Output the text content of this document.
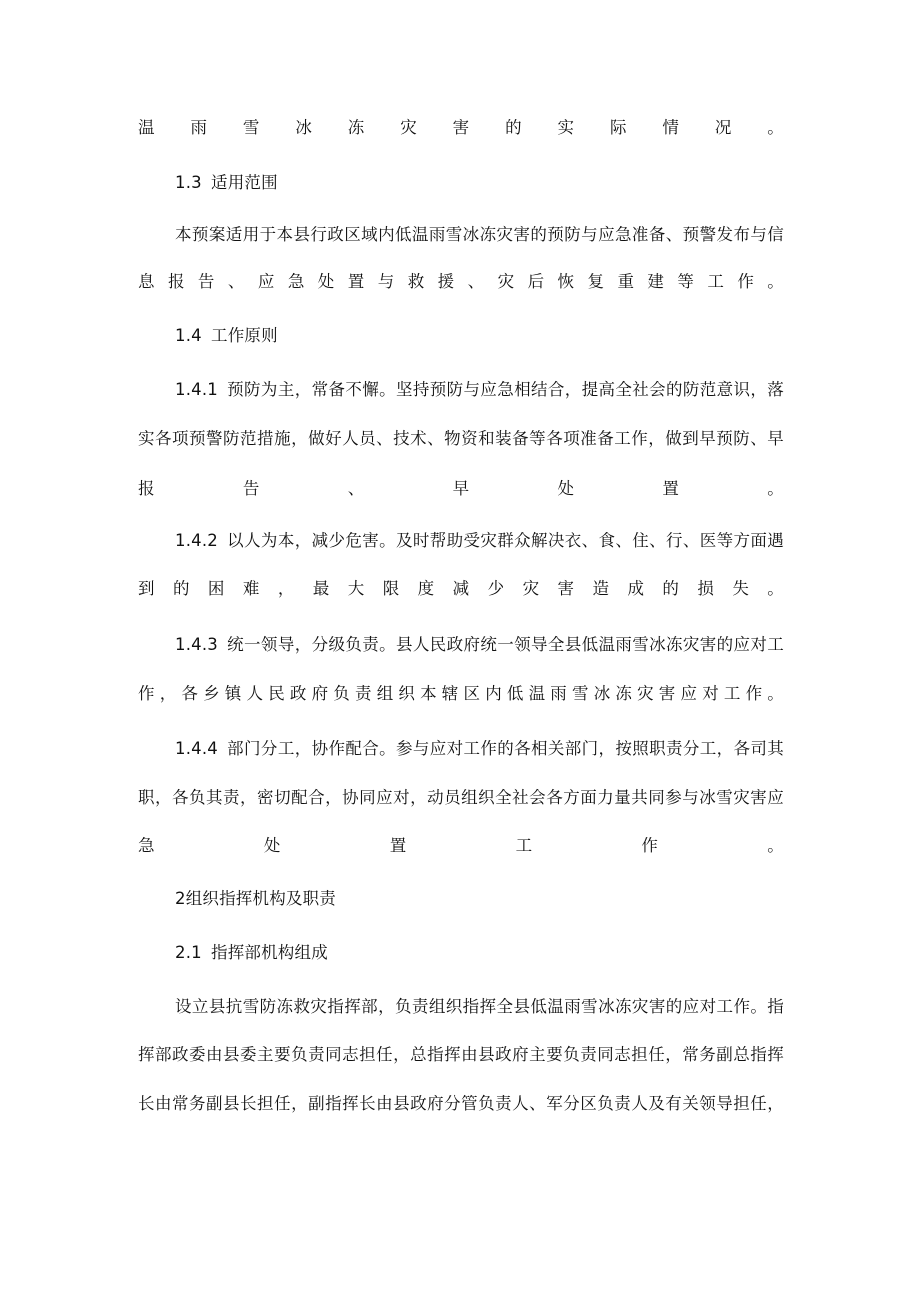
温雨雪冰冻灾害的实际情况。
1.3 适用范围
本预案适用于本县行政区域内低温雨雪冰冻灾害的预防与应急准备、预警发布与信
息报告、应急处置与救援、灾后恢复重建等工作。
1.4 工作原则
1.4.1 预防为主，常备不懈。坚持预防与应急相结合，提高全社会的防范意识，落
实各项预警防范措施，做好人员、技术、物资和装备等各项准备工作，做到早预防、早
报告、早处置。
1.4.2 以人为本，减少危害。及时帮助受灾群众解决衣、食、住、行、医等方面遇
到的困难，最大限度减少灾害造成的损失。
1.4.3 统一领导，分级负责。县人民政府统一领导全县低温雨雪冰冻灾害的应对工
作，各乡镇人民政府负责组织本辖区内低温雨雪冰冻灾害应对工作。
1.4.4 部门分工，协作配合。参与应对工作的各相关部门，按照职责分工，各司其
职，各负其责，密切配合，协同应对，动员组织全社会各方面力量共同参与冰雪灾害应
急处置工作。
2组织指挥机构及职责
2.1 指挥部机构组成
设立县抗雪防冻救灾指挥部，负责组织指挥全县低温雨雪冰冻灾害的应对工作。指
挥部政委由县委主要负责同志担任，总指挥由县政府主要负责同志担任，常务副总指挥
长由常务副县长担任，副指挥长由县政府分管负责人、军分区负责人及有关领导担任，
